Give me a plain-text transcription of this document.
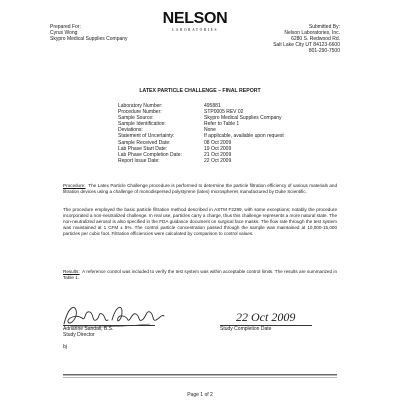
Prepared For:
Cyrus Wong
Skypro Medical Supplies Company
NELSON
LABORATORIES	Submitted By:
Nelson Laboratories, Inc.
6280 S. Redwood Rd.
Salt Lake City UT 84123-6600
801-290-7500
LATEX PARTICLE CHALLENGE – FINAL REPORT
Laboratory Number:	495881
Procedure Number:	STP0005 REV 02
Sample Source:	Skypro Medical Supplies Company
Sample Identification:	Refer to Table 1
Deviations:	None
Statement of Uncertainty:	If applicable, available upon request
Sample Received Date:	08 Oct 2009
Lab Phase Start Date:	19 Oct 2009
Lab Phase Completion Date:	21 Oct 2009
Report Issue Date:	22 Oct 2009
Procedure: The Latex Particle Challenge procedure is performed to determine the particle filtration efficiency of various materials and filtration devices using a challenge of monodispersed polystyrene (latex) microspheres manufactured by Duke Scientific.
The procedure employed the basic particle filtration method described in ASTM F2299, with some exceptions; notably the procedure incorporated a non-neutralized challenge. In real use, particles carry a charge, thus this challenge represents a more natural state. The non-neutralized aerosol is also specified in the FDA guidance document on surgical face masks. The flow rate through the test system was maintained at 1 CFM ± 5%. The control particle concentration passed through the sample was maintained at 10,000-15,000 particles per cubic foot. Filtration efficiencies were calculated by comparison to control values.
Results: A reference control was included to verify the test system was within acceptable control limits. The results are summarized in Table 1.
Adrianne Sandall, B.S.
Study Director
22 Oct 2009
Study Completion Date
bj
Page 1 of 2
